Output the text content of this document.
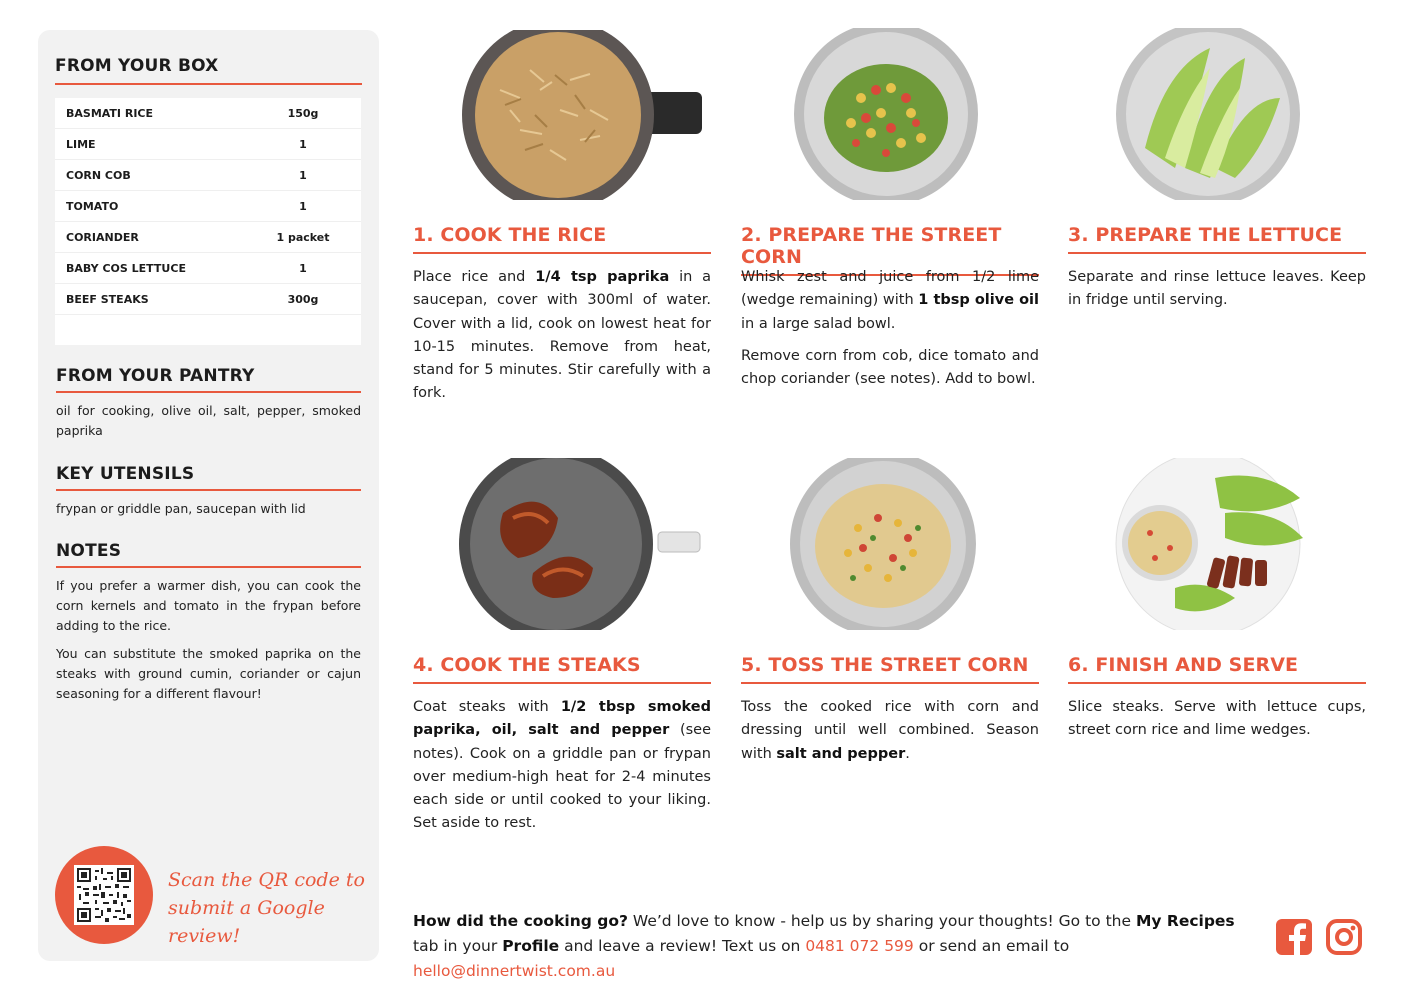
FROM YOUR BOX
BASMATI RICE	150g
LIME	1
CORN COB	1
TOMATO	1
CORIANDER	1 packet
BABY COS LETTUCE	1
BEEF STEAKS	300g
FROM YOUR PANTRY
oil for cooking, olive oil, salt, pepper, smoked paprika
KEY UTENSILS
frypan or griddle pan, saucepan with lid
NOTES
If you prefer a warmer dish, you can cook the corn kernels and tomato in the frypan before adding to the rice.
You can substitute the smoked paprika on the steaks with ground cumin, coriander or cajun seasoning for a different flavour!
Scan the QR code to
submit a Google review!
1. COOK THE RICE

Place rice and 1/4 tsp paprika in a saucepan, cover with 300ml of water. Cover with a lid, cook on lowest heat for 10-15 minutes. Remove from heat, stand for 5 minutes. Stir carefully with a fork.

2. PREPARE THE STREET CORN

Whisk zest and juice from 1/2 lime (wedge remaining) with 1 tbsp olive oil in a large salad bowl.

Remove corn from cob, dice tomato and chop coriander (see notes). Add to bowl.

3. PREPARE THE LETTUCE

Separate and rinse lettuce leaves. Keep in fridge until serving.

4. COOK THE STEAKS

Coat steaks with 1/2 tbsp smoked paprika, oil, salt and pepper (see notes). Cook on a griddle pan or frypan over medium-high heat for 2-4 minutes each side or until cooked to your liking. Set aside to rest.

5. TOSS THE STREET CORN

Toss the cooked rice with corn and dressing until well combined. Season with salt and pepper.

6. FINISH AND SERVE

Slice steaks. Serve with lettuce cups, street corn rice and lime wedges.

How did the cooking go? We’d love to know - help us by sharing your thoughts! Go to the My Recipes tab in your Profile and leave a review! Text us on 0481 072 599 or send an email to hello@dinnertwist.com.au
